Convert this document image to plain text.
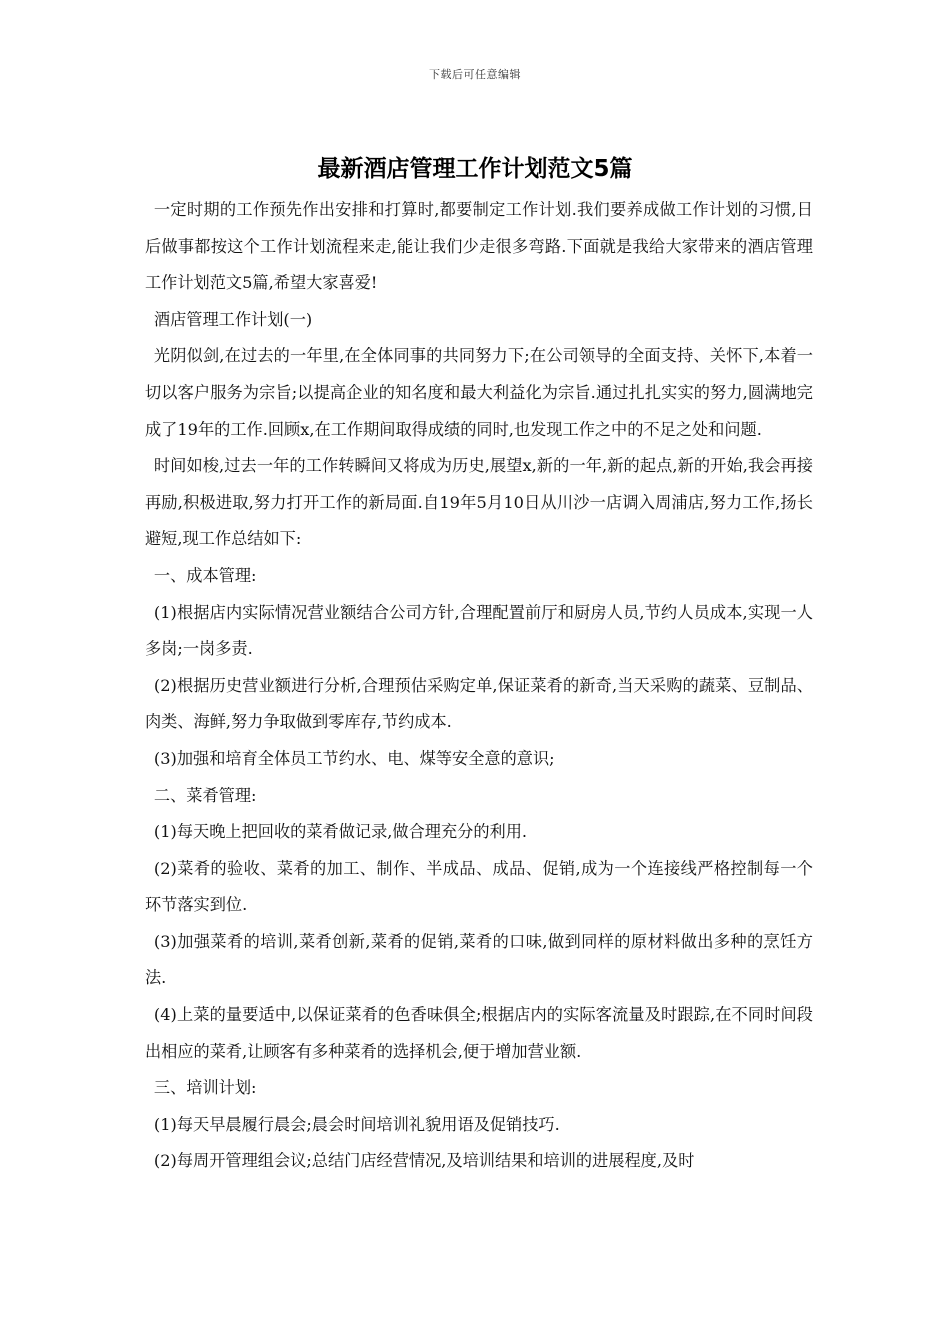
下载后可任意编辑
最新酒店管理工作计划范文5篇

一定时期的工作预先作出安排和打算时,都要制定工作计划.我们要养成做工作计划的习惯,日后做事都按这个工作计划流程来走,能让我们少走很多弯路.下面就是我给大家带来的酒店管理工作计划范文5篇,希望大家喜爱!

酒店管理工作计划(一)

光阴似剑,在过去的一年里,在全体同事的共同努力下;在公司领导的全面支持、关怀下,本着一切以客户服务为宗旨;以提高企业的知名度和最大利益化为宗旨.通过扎扎实实的努力,圆满地完成了19年的工作.回顾x,在工作期间取得成绩的同时,也发现工作之中的不足之处和问题.

时间如梭,过去一年的工作转瞬间又将成为历史,展望x,新的一年,新的起点,新的开始,我会再接再励,积极进取,努力打开工作的新局面.自19年5月10日从川沙一店调入周浦店,努力工作,扬长避短,现工作总结如下:

一、成本管理:

(1)根据店内实际情况营业额结合公司方针,合理配置前厅和厨房人员,节约人员成本,实现一人多岗;一岗多责.

(2)根据历史营业额进行分析,合理预估采购定单,保证菜肴的新奇,当天采购的蔬菜、豆制品、肉类、海鲜,努力争取做到零库存,节约成本.

(3)加强和培育全体员工节约水、电、煤等安全意的意识;

二、菜肴管理:

(1)每天晚上把回收的菜肴做记录,做合理充分的利用.

(2)菜肴的验收、菜肴的加工、制作、半成品、成品、促销,成为一个连接线严格控制每一个环节落实到位.

(3)加强菜肴的培训,菜肴创新,菜肴的促销,菜肴的口味,做到同样的原材料做出多种的烹饪方法.

(4)上菜的量要适中,以保证菜肴的色香味俱全;根据店内的实际客流量及时跟踪,在不同时间段出相应的菜肴,让顾客有多种菜肴的选择机会,便于增加营业额.

三、培训计划:

(1)每天早晨履行晨会;晨会时间培训礼貌用语及促销技巧.

(2)每周开管理组会议;总结门店经营情况,及培训结果和培训的进展程度,及时
